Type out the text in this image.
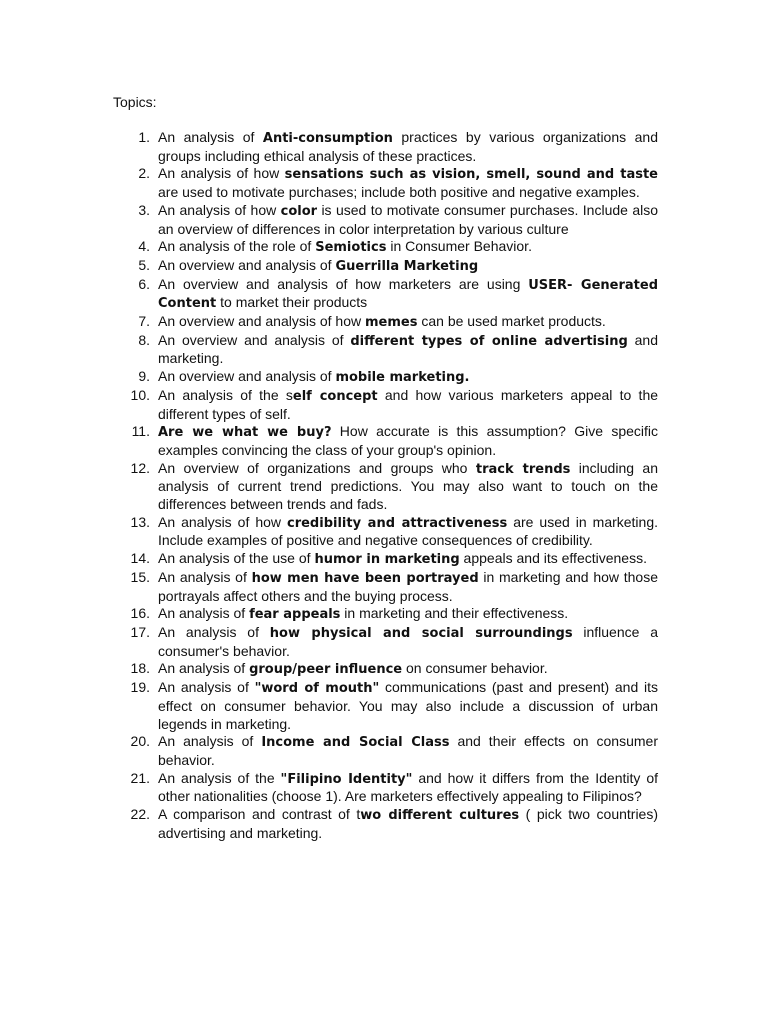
Topics:
1. An analysis of Anti-consumption practices by various organizations and groups including ethical analysis of these practices.
2. An analysis of how sensations such as vision, smell, sound and taste are used to motivate purchases; include both positive and negative examples.
3. An analysis of how color is used to motivate consumer purchases. Include also an overview of differences in color interpretation by various culture
4. An analysis of the role of Semiotics in Consumer Behavior.
5. An overview and analysis of Guerrilla Marketing
6. An overview and analysis of how marketers are using USER- Generated Content to market their products
7. An overview and analysis of how memes can be used market products.
8. An overview and analysis of different types of online advertising and marketing.
9. An overview and analysis of mobile marketing.
10. An analysis of the self concept and how various marketers appeal to the different types of self.
11. Are we what we buy? How accurate is this assumption? Give specific examples convincing the class of your group's opinion.
12. An overview of organizations and groups who track trends including an analysis of current trend predictions. You may also want to touch on the differences between trends and fads.
13. An analysis of how credibility and attractiveness are used in marketing. Include examples of positive and negative consequences of credibility.
14. An analysis of the use of humor in marketing appeals and its effectiveness.
15. An analysis of how men have been portrayed in marketing and how those portrayals affect others and the buying process.
16. An analysis of fear appeals in marketing and their effectiveness.
17. An analysis of how physical and social surroundings influence a consumer's behavior.
18. An analysis of group/peer influence on consumer behavior.
19. An analysis of "word of mouth" communications (past and present) and its effect on consumer behavior. You may also include a discussion of urban legends in marketing.
20. An analysis of Income and Social Class and their effects on consumer behavior.
21. An analysis of the "Filipino Identity" and how it differs from the Identity of other nationalities (choose 1). Are marketers effectively appealing to Filipinos?
22. A comparison and contrast of two different cultures ( pick two countries) advertising and marketing.
